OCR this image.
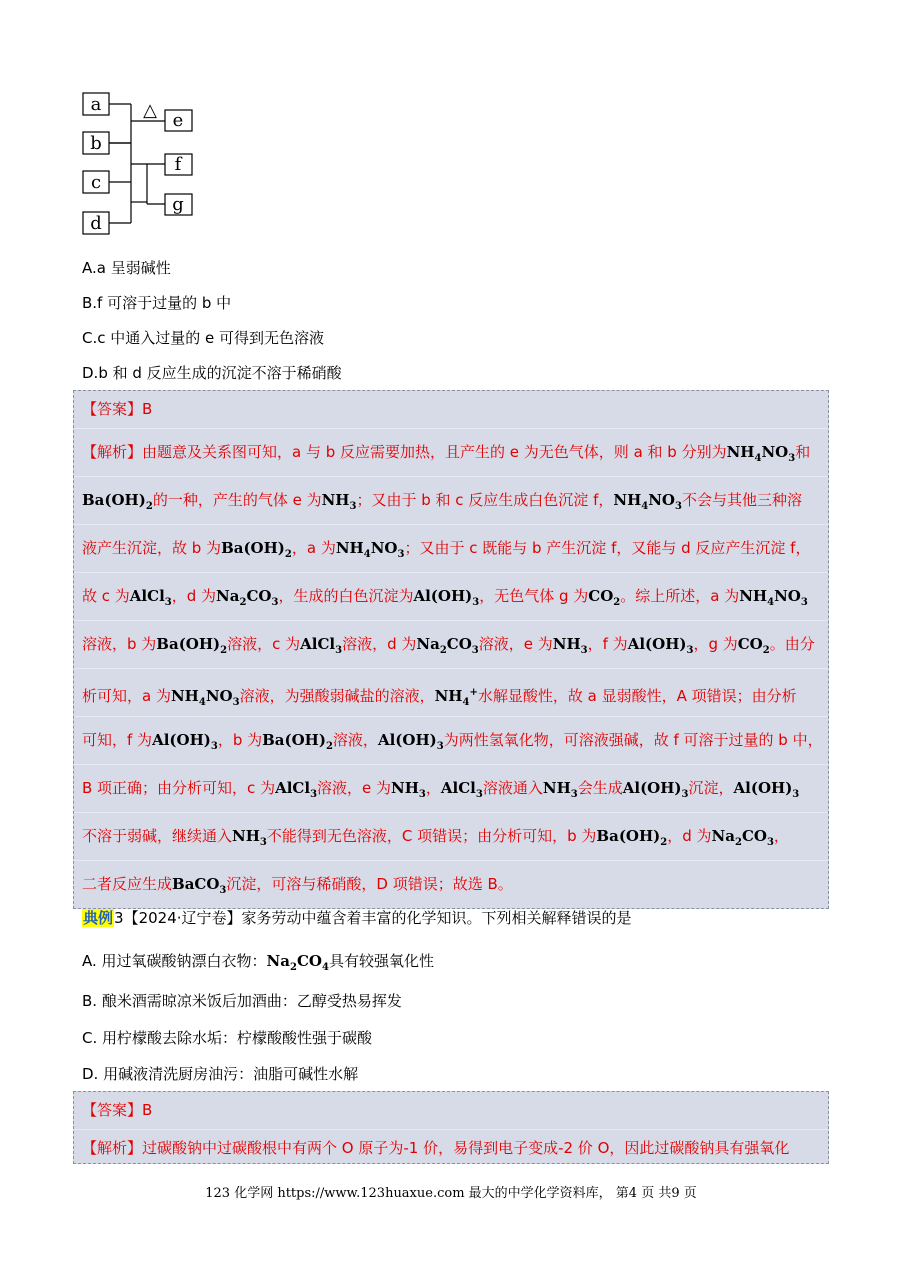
△
a
b
c
d
e
f
g
A.a 呈弱碱性
B.f 可溶于过量的 b 中
C.c 中通入过量的 e 可得到无色溶液
D.b 和 d 反应生成的沉淀不溶于稀硝酸
【答案】B
【解析】由题意及关系图可知，a 与 b 反应需要加热，且产生的 e 为无色气体，则 a 和 b 分别为$NH_4NO_3$和
$Ba(OH)_2$的一种，产生的气体 e 为$NH_3$；又由于 b 和 c 反应生成白色沉淀 f，$NH_4NO_3$不会与其他三种溶
液产生沉淀，故 b 为$Ba(OH)_2$，a 为$NH_4NO_3$；又由于 c 既能与 b 产生沉淀 f，又能与 d 反应产生沉淀 f，
故 c 为AlCl$_3$，d 为$Na_2CO_3$，生成的白色沉淀为$Al(OH)_3$，无色气体 g 为$CO_2$。综上所述，a 为$NH_4NO_3$
溶液，b 为$Ba(OH)_2$溶液，c 为AlCl$_3$溶液，d 为$Na_2CO_3$溶液，e 为$NH_3$，f 为$Al(OH)_3$，g 为$CO_2$。由分
析可知，a 为$NH_4NO_3$溶液，为强酸弱碱盐的溶液，$NH_4^+$水解显酸性，故 a 显弱酸性，A 项错误；由分析
可知，f 为$Al(OH)_3$，b 为$Ba(OH)_2$溶液，$Al(OH)_3$为两性氢氧化物，可溶液强碱，故 f 可溶于过量的 b 中，
B 项正确；由分析可知，c 为AlCl$_3$溶液，e 为$NH_3$，AlCl$_3$溶液通入$NH_3$会生成$Al(OH)_3$沉淀，$Al(OH)_3$
不溶于弱碱，继续通入$NH_3$不能得到无色溶液，C 项错误；由分析可知，b 为$Ba(OH)_2$，d 为$Na_2CO_3$，
二者反应生成BaCO$_3$沉淀，可溶与稀硝酸，D 项错误；故选 B。
典例3【2024·辽宁卷】家务劳动中蕴含着丰富的化学知识。下列相关解释错误的是
A. 用过氧碳酸钠漂白衣物：$Na_2CO_4$具有较强氧化性
B. 酿米酒需晾凉米饭后加酒曲：乙醇受热易挥发
C. 用柠檬酸去除水垢：柠檬酸酸性强于碳酸
D. 用碱液清洗厨房油污：油脂可碱性水解
【答案】B
【解析】过碳酸钠中过碳酸根中有两个 O 原子为-1 价，易得到电子变成-2 价 O，因此过碳酸钠具有强氧化
123 化学网 https://www.123huaxue.com 最大的中学化学资料库， 第4 页 共9 页
